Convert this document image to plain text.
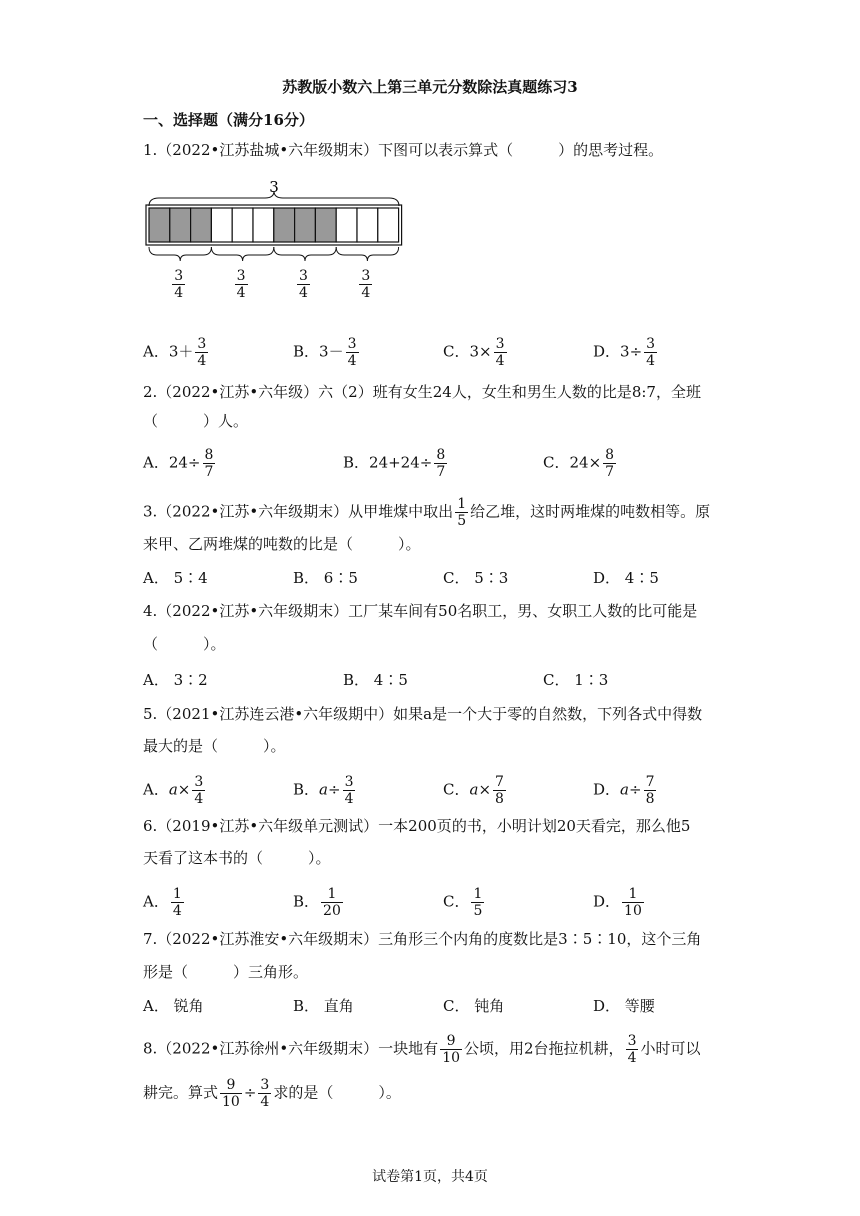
苏教版小数六上第三单元分数除法真题练习3
一、选择题（满分16分）
1.（2022•江苏盐城•六年级期末）下图可以表示算式（　　　）的思考过程。
3
$\frac{3}{4}$	$\frac{3}{4}$	$\frac{3}{4}$	$\frac{3}{4}$
A．$3+ \frac{3}{4}$	B．$3- \frac{3}{4}$	C．$3\times \frac{3}{4}$	D．$3\div \frac{3}{4}$
2.（2022•江苏•六年级）六（2）班有女生24人，女生和男生人数的比是8:7，全班
（　　　）人。
A．$24\div \frac{8}{7}$	B．$24+24\div \frac{8}{7}$	C．$24\times \frac{8}{7}$
3.（2022•江苏•六年级期末）从甲堆煤中取出 $\frac{1}{5}$ 给乙堆，这时两堆煤的吨数相等。原
来甲、乙两堆煤的吨数的比是（　　　）。
A． 5∶4	B． 6∶5	C． 5∶3	D． 4∶5
4.（2022•江苏•六年级期末）工厂某车间有50名职工，男、女职工人数的比可能是
（　　　）。
A． 3∶2	B． 4∶5	C． 1∶3
5.（2021•江苏连云港•六年级期中）如果a是一个大于零的自然数，下列各式中得数
最大的是（　　　）。
A．$a\times \frac{3}{4}$	B．$a\div \frac{3}{4}$	C．$a\times \frac{7}{8}$	D．$a\div \frac{7}{8}$
6.（2019•江苏•六年级单元测试）一本200页的书，小明计划20天看完，那么他5
天看了这本书的（　　　）。
A． $\frac{1}{4}$	B． $\frac{1}{20}$	C． $\frac{1}{5}$	D． $\frac{1}{10}$
7.（2022•江苏淮安•六年级期末）三角形三个内角的度数比是3∶5∶10，这个三角
形是（　　　）三角形。
A． 锐角	B． 直角	C． 钝角	D． 等腰
8.（2022•江苏徐州•六年级期末）一块地有 $\frac{9}{10}$ 公顷，用2台拖拉机耕， $\frac{3}{4}$ 小时可以
耕完。算式 $\frac{9}{10} \div \frac{3}{4}$ 求的是（　　　）。
试卷第1页，共4页
